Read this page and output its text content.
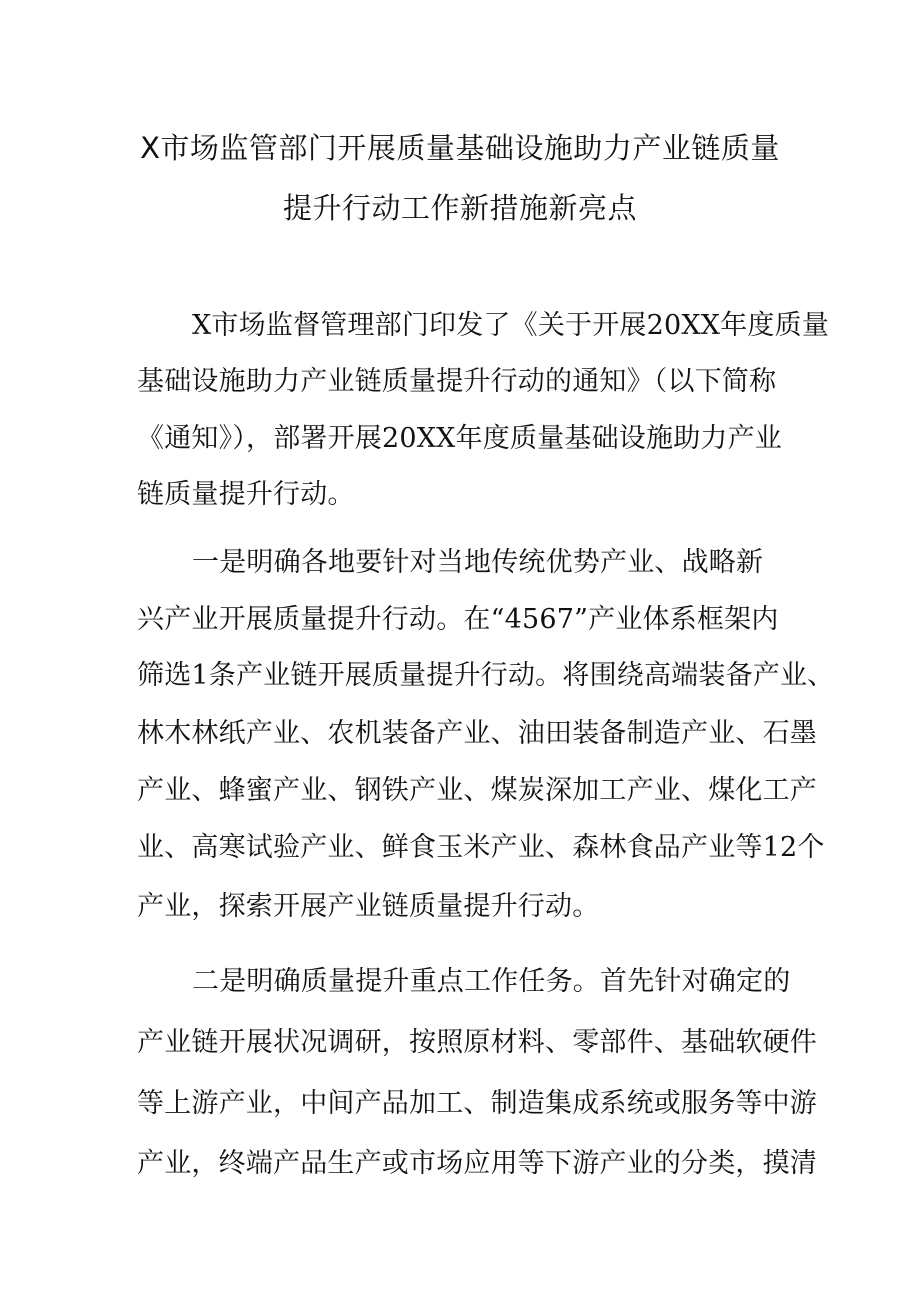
X市场监管部门开展质量基础设施助力产业链质量
提升行动工作新措施新亮点
X市场监督管理部门印发了《关于开展20XX年度质量
基础设施助力产业链质量提升行动的通知》（以下简称
《通知》），部署开展20XX年度质量基础设施助力产业
链质量提升行动。
一是明确各地要针对当地传统优势产业、战略新
兴产业开展质量提升行动。在“4567”产业体系框架内
筛选1条产业链开展质量提升行动。将围绕高端装备产业、
林木林纸产业、农机装备产业、油田装备制造产业、石墨
产业、蜂蜜产业、钢铁产业、煤炭深加工产业、煤化工产
业、高寒试验产业、鲜食玉米产业、森林食品产业等12个
产业，探索开展产业链质量提升行动。
二是明确质量提升重点工作任务。首先针对确定的
产业链开展状况调研，按照原材料、零部件、基础软硬件
等上游产业，中间产品加工、制造集成系统或服务等中游
产业，终端产品生产或市场应用等下游产业的分类，摸清
